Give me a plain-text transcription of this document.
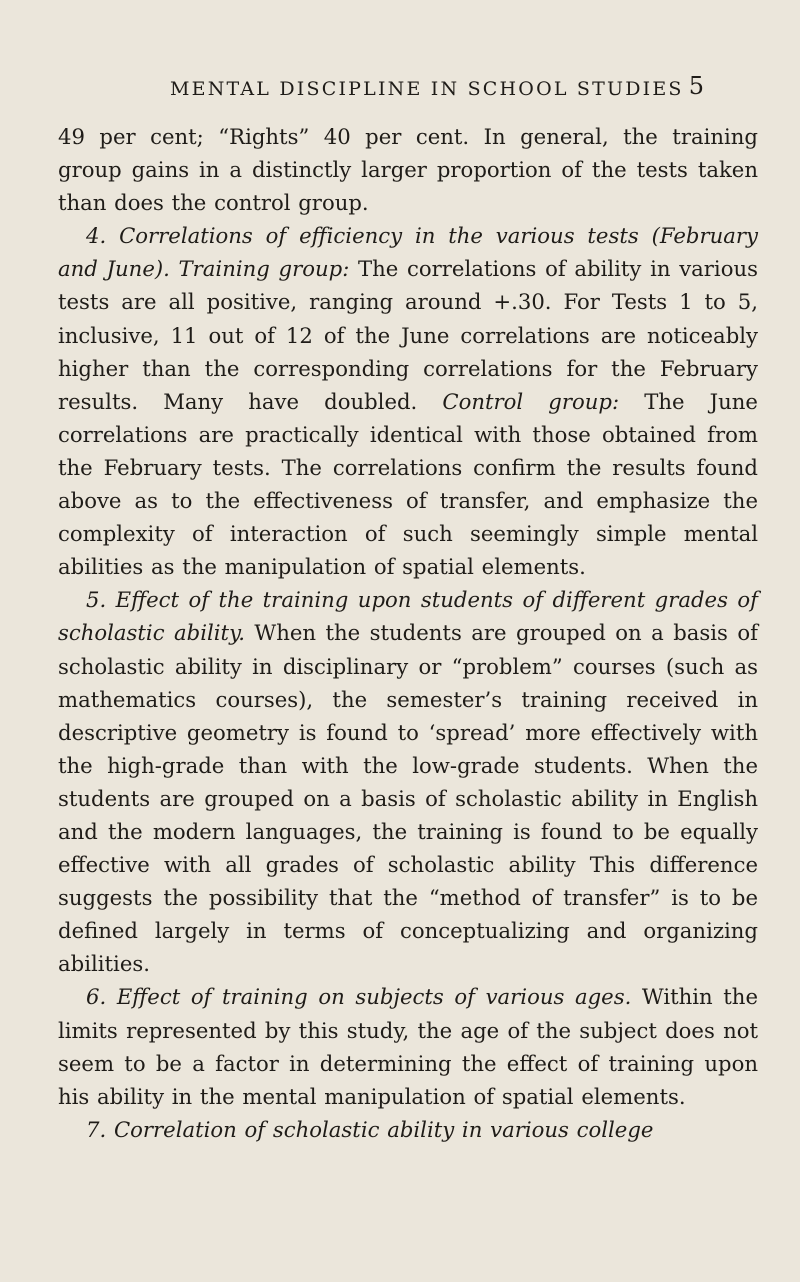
MENTAL DISCIPLINE IN SCHOOL STUDIES 5

49 per cent; “Rights” 40 per cent. In general, the training group gains in a distinctly larger proportion of the tests taken than does the control group.

4. Correlations of efficiency in the various tests (February and June). Training group: The correlations of ability in various tests are all positive, ranging around +.30. For Tests 1 to 5, inclusive, 11 out of 12 of the June correlations are noticeably higher than the corresponding correlations for the February results. Many have doubled. Control group: The June correlations are practically identical with those obtained from the February tests. The correlations confirm the results found above as to the effectiveness of transfer, and emphasize the complexity of interaction of such seemingly simple mental abilities as the manipulation of spatial elements.

5. Effect of the training upon students of different grades of scholastic ability. When the students are grouped on a basis of scholastic ability in disciplinary or “problem” courses (such as mathematics courses), the semester’s training received in descriptive geometry is found to ‘spread’ more effectively with the high-grade than with the low-grade students. When the students are grouped on a basis of scholastic ability in English and the modern languages, the training is found to be equally effective with all grades of scholastic ability This difference suggests the possibility that the “method of transfer” is to be defined largely in terms of conceptualizing and organizing abilities.

6. Effect of training on subjects of various ages. Within the limits represented by this study, the age of the subject does not seem to be a factor in determining the effect of training upon his ability in the mental manipulation of spatial elements.

7. Correlation of scholastic ability in various college
